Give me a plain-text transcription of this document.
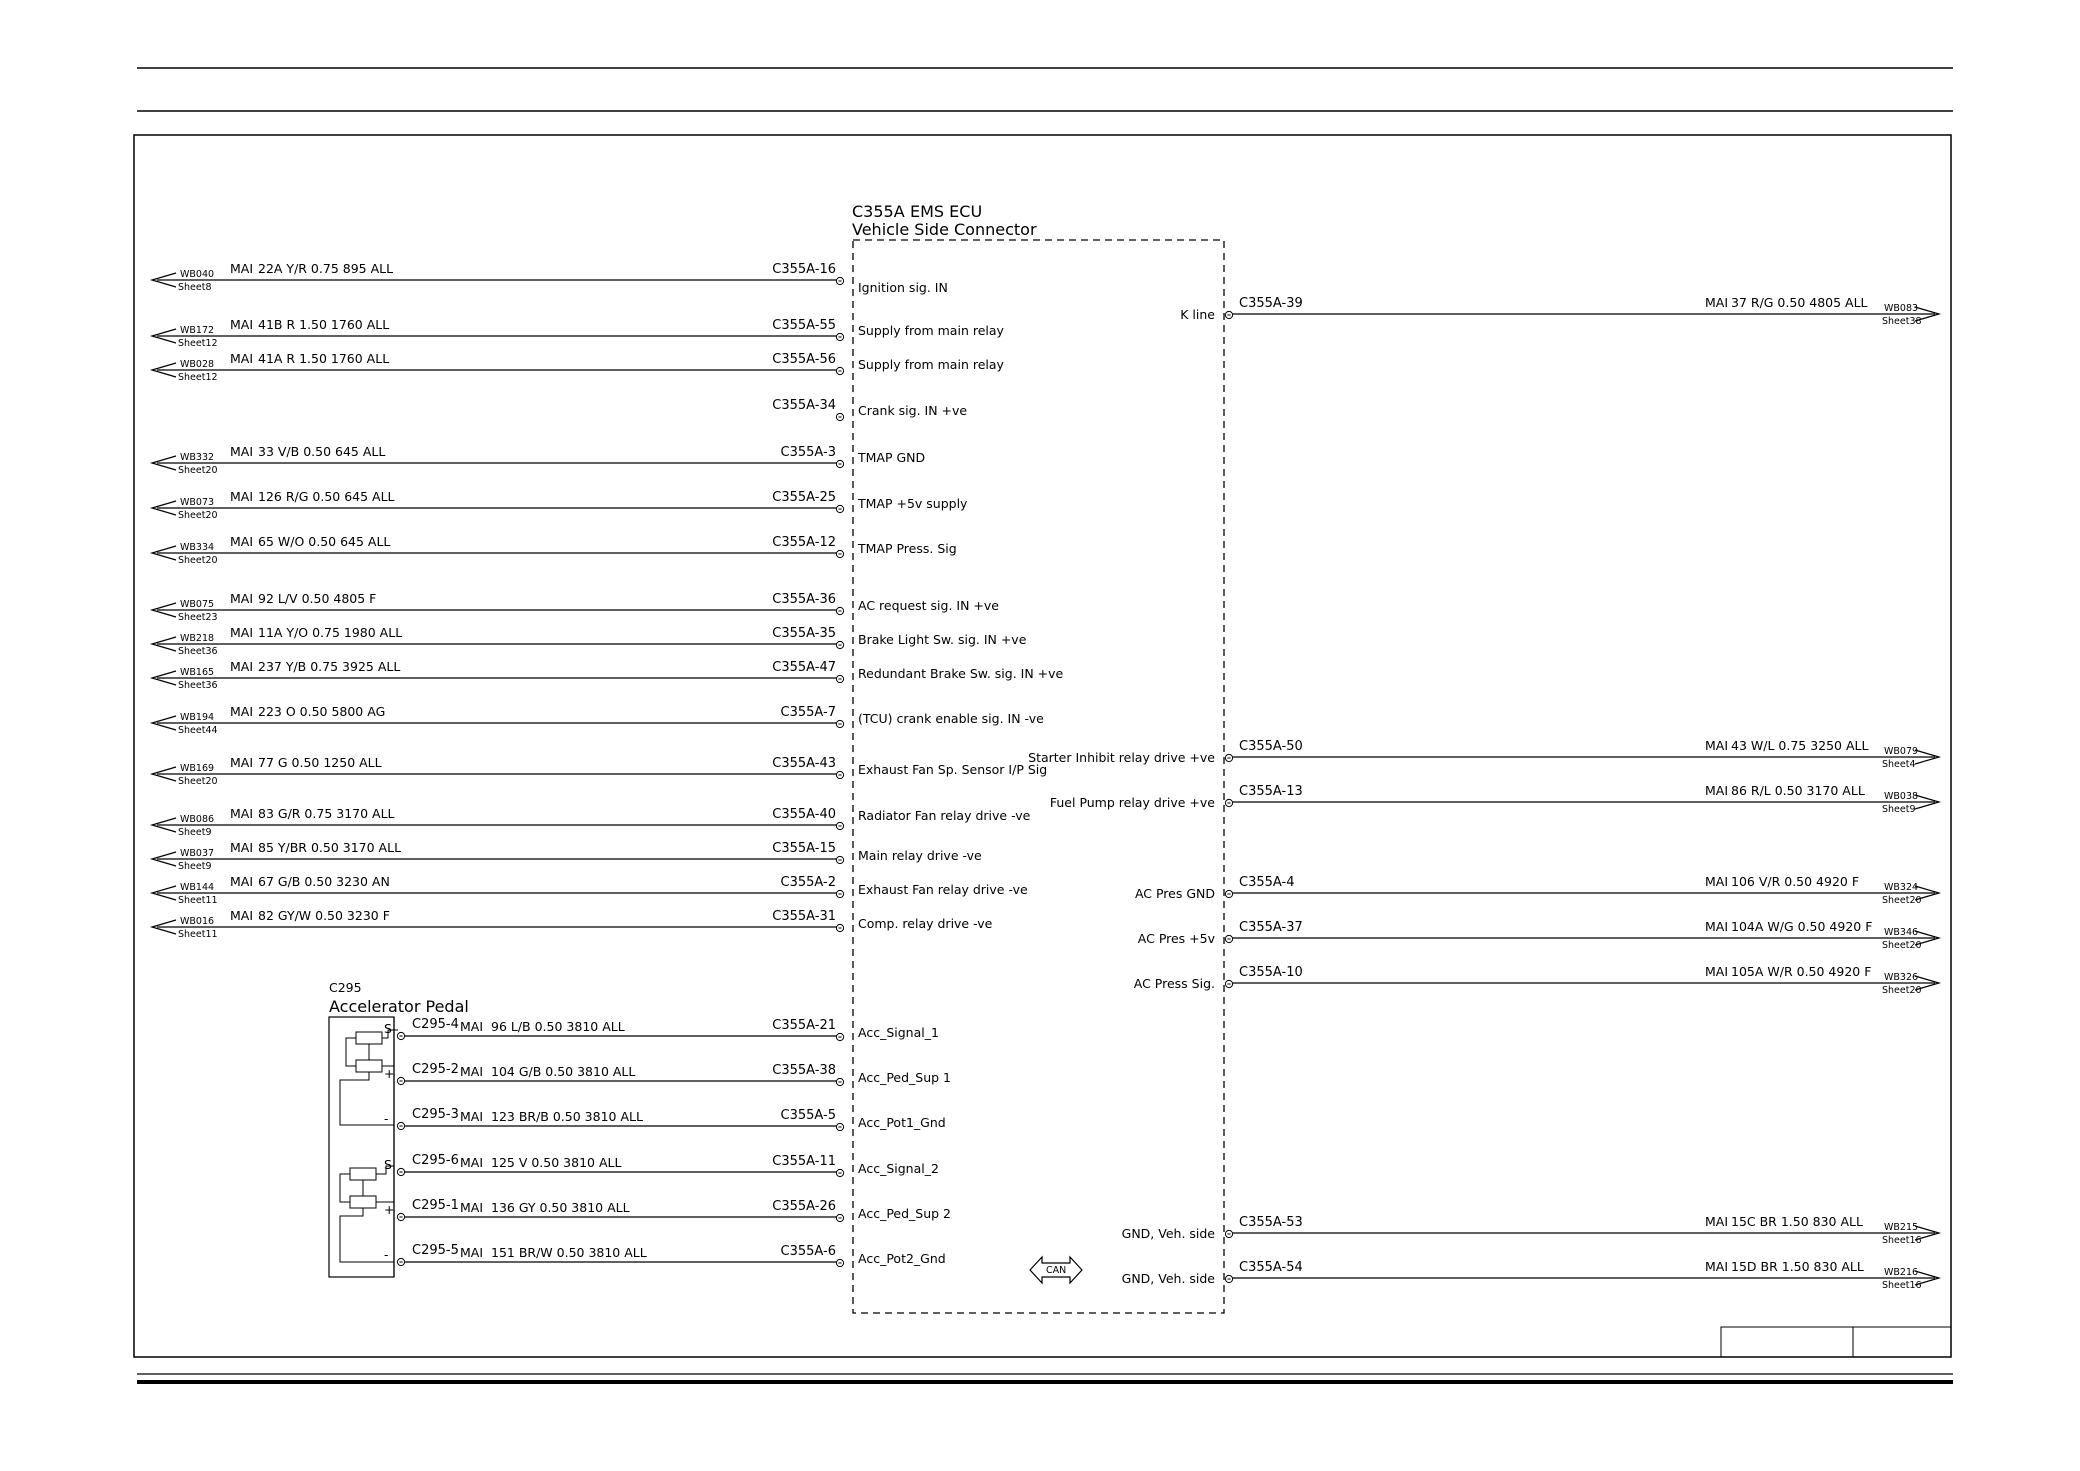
C355A EMS ECU
Vehicle Side Connector
C295
Accelerator Pedal
S
+
-
S
+
-
CAN
WB040
Sheet8
MAI 22A Y/R 0.75 895 ALL	C355A-16
Ignition sig. IN
WB172
Sheet12
MAI 41B R 1.50 1760 ALL	C355A-55 Supply from main relay
WB028
Sheet12
MAI 41A R 1.50 1760 ALL	C355A-56 Supply from main relay
C355A-34 Crank sig. IN +ve
WB332
Sheet20
MAI 33 V/B 0.50 645 ALL	C355A-3 TMAP GND
WB073
Sheet20
MAI 126 R/G 0.50 645 ALL	C355A-25 TMAP +5v supply
WB334
Sheet20
MAI 65 W/O 0.50 645 ALL	C355A-12 TMAP Press. Sig
WB075
Sheet23
MAI 92 L/V 0.50 4805 F	C355A-36 AC request sig. IN +ve
WB218
Sheet36
MAI 11A Y/O 0.75 1980 ALL	C355A-35 Brake Light Sw. sig. IN +ve
WB165
Sheet36
MAI 237 Y/B 0.75 3925 ALL	C355A-47 Redundant Brake Sw. sig. IN +ve
WB194
Sheet44
MAI 223 O 0.50 5800 AG	C355A-7 (TCU) crank enable sig. IN -ve
WB169
Sheet20
MAI 77 G 0.50 1250 ALL	C355A-43 Exhaust Fan Sp. Sensor I/P Sig
WB086
Sheet9
MAI 83 G/R 0.75 3170 ALL	C355A-40 Radiator Fan relay drive -ve
WB037
Sheet9
MAI 85 Y/BR 0.50 3170 ALL	C355A-15 Main relay drive -ve
WB144
Sheet11
MAI 67 G/B 0.50 3230 AN	C355A-2 Exhaust Fan relay drive -ve
WB016
Sheet11
MAI 82 GY/W 0.50 3230 F	C355A-31 Comp. relay drive -ve
C295-4 MAI 96 L/B 0.50 3810 ALL	C355A-21 Acc_Signal_1
C295-2 MAI 104 G/B 0.50 3810 ALL	C355A-38 Acc_Ped_Sup 1
C295-3 MAI 123 BR/B 0.50 3810 ALL	C355A-5 Acc_Pot1_Gnd
C295-6 MAI 125 V 0.50 3810 ALL	C355A-11 Acc_Signal_2
C295-1 MAI 136 GY 0.50 3810 ALL	C355A-26 Acc_Ped_Sup 2
C295-5 MAI 151 BR/W 0.50 3810 ALL	C355A-6 Acc_Pot2_Gnd
K line
C355A-39	MAI 37 R/G 0.50 4805 ALL WB083
Sheet38
Starter Inhibit relay drive +ve
C355A-50	MAI 43 W/L 0.75 3250 ALL WB079
Sheet4
Fuel Pump relay drive +ve
C355A-13	MAI 86 R/L 0.50 3170 ALL WB038
Sheet9
AC Pres GND
C355A-4	MAI 106 V/R 0.50 4920 F	WB324
Sheet20
AC Pres +5v
C355A-37	MAI 104A W/G 0.50 4920 F WB346
Sheet20
AC Press Sig.
C355A-10	MAI 105A W/R 0.50 4920 F WB326
Sheet20
GND, Veh. side
C355A-53	MAI 15C BR 1.50 830 ALL WB215
Sheet16
GND, Veh. side
C355A-54	MAI 15D BR 1.50 830 ALL WB216
Sheet16
